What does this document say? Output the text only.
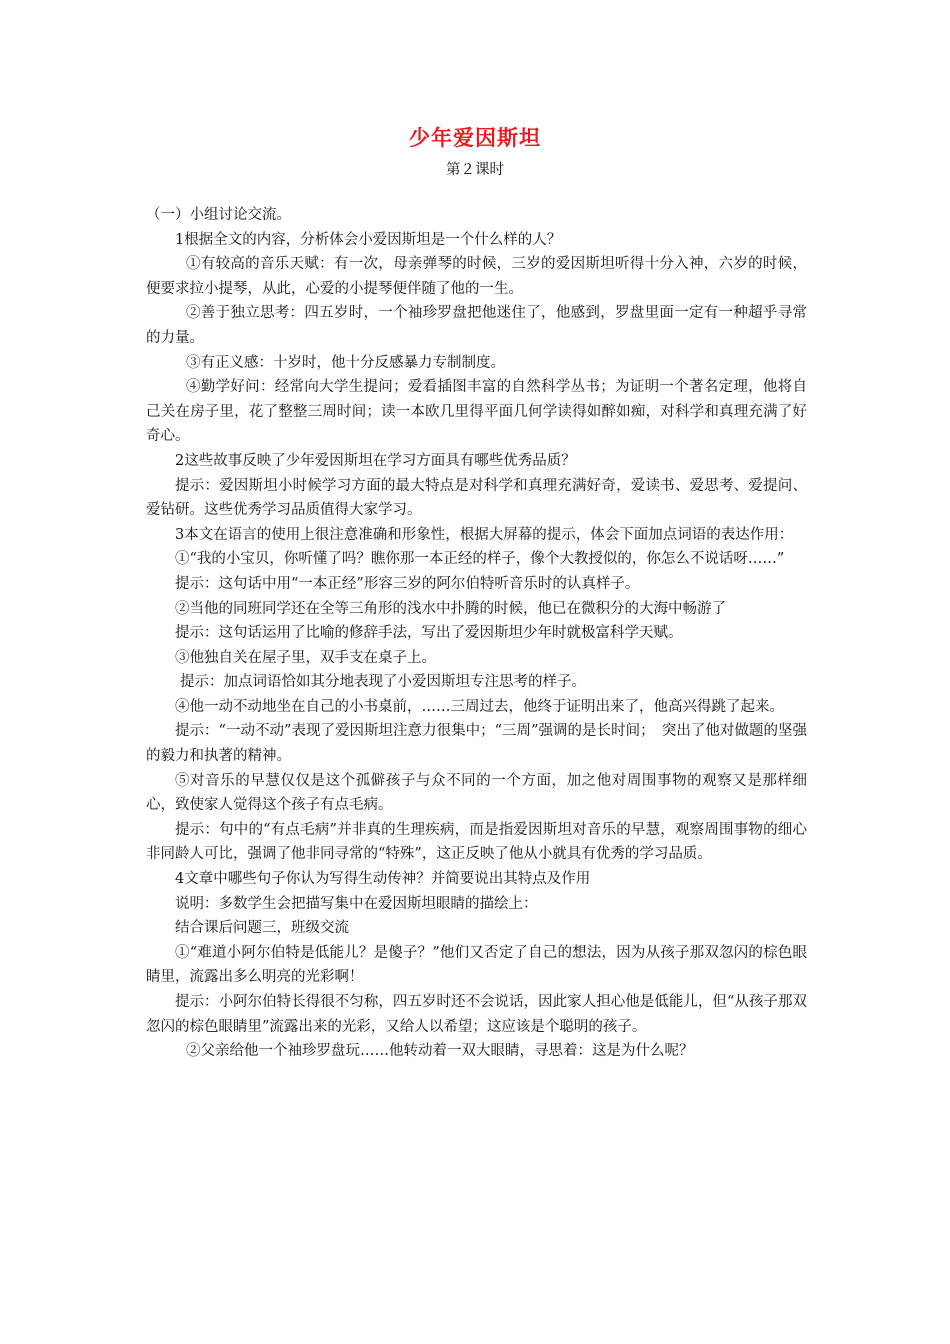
少年爱因斯坦
第２课时

（一）小组讨论交流。

1根据全文的内容，分析体会小爱因斯坦是一个什么样的人？

①有较高的音乐天赋：有一次，母亲弹琴的时候，三岁的爱因斯坦听得十分入神，六岁的时候，便要求拉小提琴，从此，心爱的小提琴便伴随了他的一生。

②善于独立思考：四五岁时，一个袖珍罗盘把他迷住了，他感到，罗盘里面一定有一种超乎寻常的力量。

③有正义感：十岁时，他十分反感暴力专制制度。

④勤学好问：经常向大学生提问；爱看插图丰富的自然科学丛书；为证明一个著名定理，他将自己关在房子里，花了整整三周时间；读一本欧几里得平面几何学读得如醉如痴，对科学和真理充满了好奇心。

2这些故事反映了少年爱因斯坦在学习方面具有哪些优秀品质？

提示：爱因斯坦小时候学习方面的最大特点是对科学和真理充满好奇，爱读书、爱思考、爱提问、爱钻研。这些优秀学习品质值得大家学习。

3本文在语言的使用上很注意准确和形象性，根据大屏幕的提示，体会下面加点词语的表达作用：

①“我的小宝贝，你听懂了吗？瞧你那一本正经的样子，像个大教授似的，你怎么不说话呀……”

提示：这句话中用“一本正经”形容三岁的阿尔伯特听音乐时的认真样子。

②当他的同班同学还在全等三角形的浅水中扑腾的时候，他已在微积分的大海中畅游了

提示：这句话运用了比喻的修辞手法，写出了爱因斯坦少年时就极富科学天赋。

③他独自关在屋子里，双手支在桌子上。

提示：加点词语恰如其分地表现了小爱因斯坦专注思考的样子。

④他一动不动地坐在自己的小书桌前，……三周过去，他终于证明出来了，他高兴得跳了起来。

提示：“一动不动”表现了爱因斯坦注意力很集中；“三周”强调的是长时间；　突出了他对做题的坚强的毅力和执著的精神。

⑤对音乐的早慧仅仅是这个孤僻孩子与众不同的一个方面，加之他对周围事物的观察又是那样细心，致使家人觉得这个孩子有点毛病。

提示：句中的“有点毛病”并非真的生理疾病，而是指爱因斯坦对音乐的早慧，观察周围事物的细心非同龄人可比，强调了他非同寻常的“特殊”，这正反映了他从小就具有优秀的学习品质。

4文章中哪些句子你认为写得生动传神？并简要说出其特点及作用

说明：多数学生会把描写集中在爱因斯坦眼睛的描绘上：

结合课后问题三，班级交流

①“难道小阿尔伯特是低能儿？是傻子？”他们又否定了自己的想法，因为从孩子那双忽闪的棕色眼睛里，流露出多么明亮的光彩啊！

提示：小阿尔伯特长得很不匀称，四五岁时还不会说话，因此家人担心他是低能儿，但“从孩子那双忽闪的棕色眼睛里”流露出来的光彩，又给人以希望；这应该是个聪明的孩子。

②父亲给他一个袖珍罗盘玩……他转动着一双大眼睛，寻思着：这是为什么呢？
